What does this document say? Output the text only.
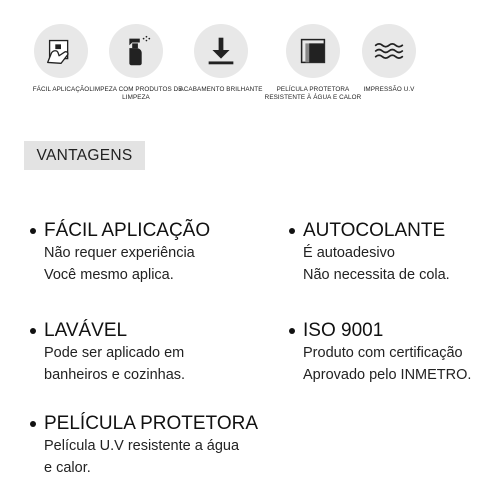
FÁCIL APLICAÇÃO LIMPEZA COM PRODUTOS DE LIMPEZA
ACABAMENTO BRILHANTE	PELÍCULA PROTETORA RESISTENTE À ÁGUA E CALOR
IMPRESSÃO U.V
VANTAGENS
FÁCIL APLICAÇÃO
Não requer experiência
Você mesmo aplica.
AUTOCOLANTE
É autoadesivo
Não necessita de cola.
LAVÁVEL
Pode ser aplicado em
banheiros e cozinhas.
ISO 9001
Produto com certificação
Aprovado pelo INMETRO.
PELÍCULA PROTETORA
Película U.V resistente a água
e calor.
